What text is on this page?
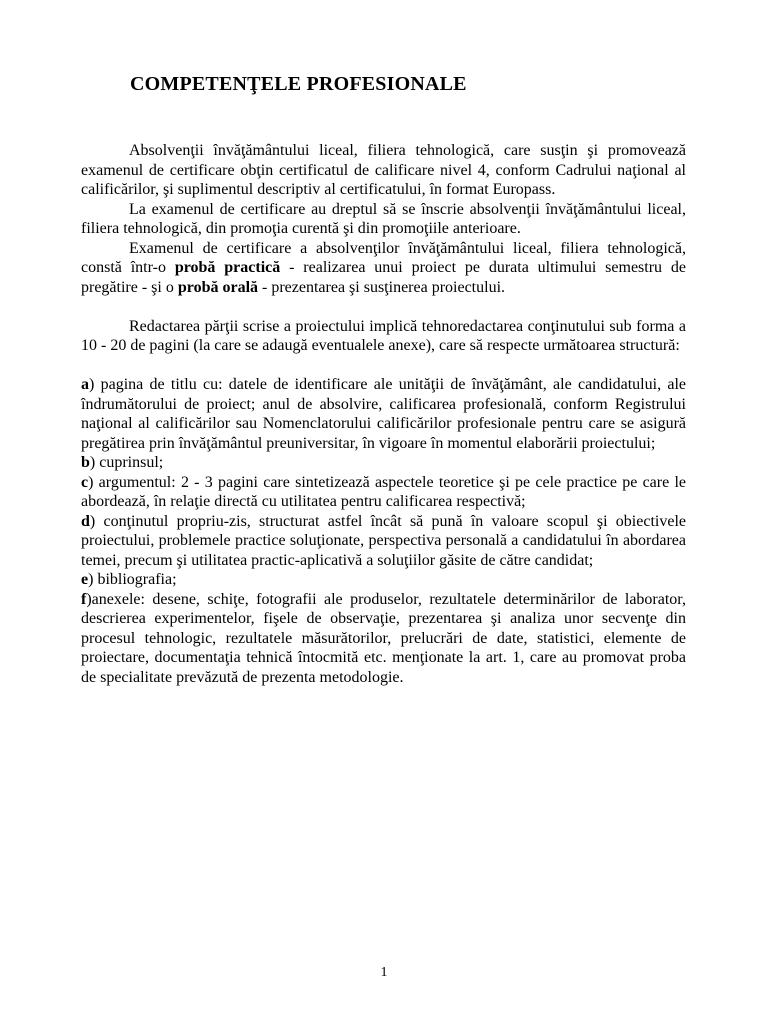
COMPETENŢELE PROFESIONALE

Absolvenţii învăţământului liceal, filiera tehnologică, care susţin şi promovează examenul de certificare obţin certificatul de calificare nivel 4, conform Cadrului naţional al calificărilor, şi suplimentul descriptiv al certificatului, în format Europass.

La examenul de certificare au dreptul să se înscrie absolvenţii învăţământului liceal, filiera tehnologică, din promoţia curentă şi din promoţiile anterioare.

Examenul de certificare a absolvenţilor învăţământului liceal, filiera tehnologică, constă într-o probă practică - realizarea unui proiect pe durata ultimului semestru de pregătire - şi o probă orală - prezentarea şi susţinerea proiectului.

Redactarea părţii scrise a proiectului implică tehnoredactarea conţinutului sub forma a 10 - 20 de pagini (la care se adaugă eventualele anexe), care să respecte următoarea structură:

a) pagina de titlu cu: datele de identificare ale unităţii de învăţământ, ale candidatului, ale îndrumătorului de proiect; anul de absolvire, calificarea profesională, conform Registrului naţional al calificărilor sau Nomenclatorului calificărilor profesionale pentru care se asigură pregătirea prin învăţământul preuniversitar, în vigoare în momentul elaborării proiectului;

b) cuprinsul;

c) argumentul: 2 - 3 pagini care sintetizează aspectele teoretice şi pe cele practice pe care le abordează, în relaţie directă cu utilitatea pentru calificarea respectivă;

d) conţinutul propriu-zis, structurat astfel încât să pună în valoare scopul şi obiectivele proiectului, problemele practice soluţionate, perspectiva personală a candidatului în abordarea temei, precum şi utilitatea practic-aplicativă a soluţiilor găsite de către candidat;

e) bibliografia;

f)anexele: desene, schiţe, fotografii ale produselor, rezultatele determinărilor de laborator, descrierea experimentelor, fişele de observaţie, prezentarea şi analiza unor secvenţe din procesul tehnologic, rezultatele măsurătorilor, prelucrări de date, statistici, elemente de proiectare, documentaţia tehnică întocmită etc. menţionate la art. 1, care au promovat proba de specialitate prevăzută de prezenta metodologie.

1
